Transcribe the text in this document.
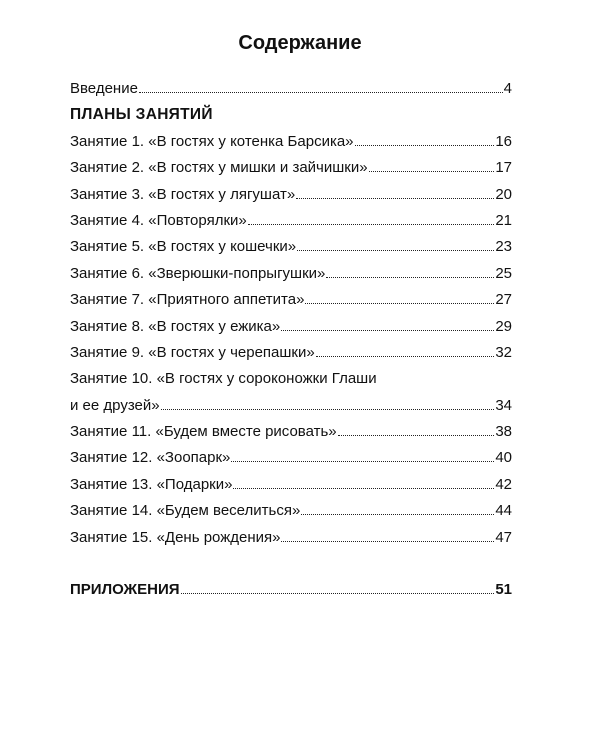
Содержание
Введение	4
ПЛАНЫ ЗАНЯТИЙ
Занятие 1. «В гостях у котенка Барсика»	16
Занятие 2. «В гостях у мишки и зайчишки»	17
Занятие 3. «В гостях у лягушат»	20
Занятие 4. «Повторялки»	21
Занятие 5. «В гостях у кошечки»	23
Занятие 6. «Зверюшки-попрыгушки»	25
Занятие 7. «Приятного аппетита»	27
Занятие 8. «В гостях у ежика»	29
Занятие 9. «В гостях у черепашки»	32
Занятие 10. «В гостях у сороконожки Глаши
и ее друзей»	34
Занятие 11. «Будем вместе рисовать»	38
Занятие 12. «Зоопарк»	40
Занятие 13. «Подарки»	42
Занятие 14. «Будем веселиться»	44
Занятие 15. «День рождения»	47
ПРИЛОЖЕНИЯ	51
